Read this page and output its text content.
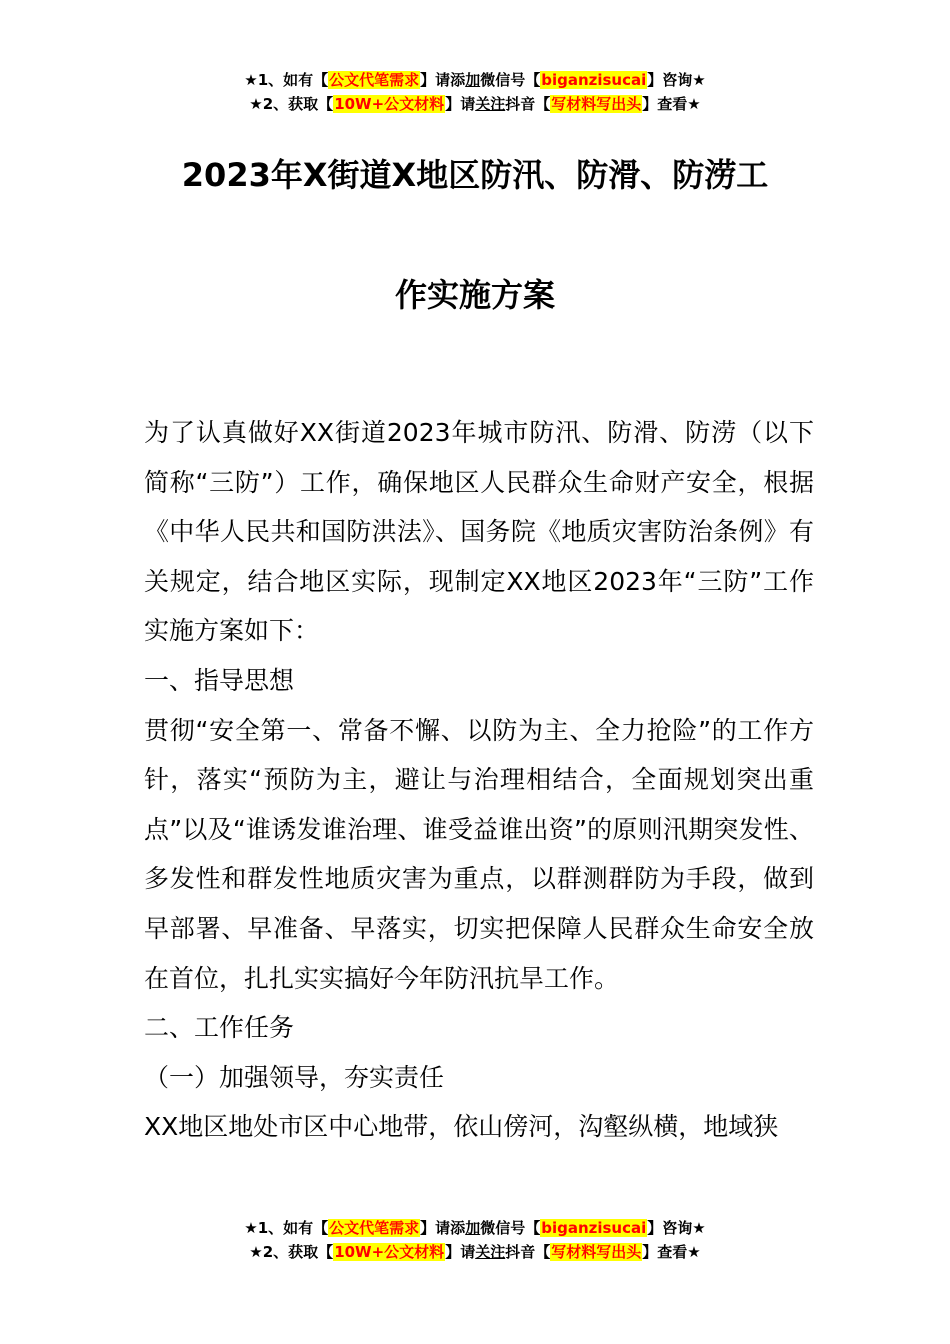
★1、如有【公文代笔需求】请添加微信号【biganzisucai】咨询★
★2、获取【10W+公文材料】请关注抖音【写材料写出头】查看★
2023年X街道X地区防汛、防滑、防涝工
作实施方案

为了认真做好XX街道2023年城市防汛、防滑、防涝（以下简称“三防”）工作，确保地区人民群众生命财产安全，根据《中华人民共和国防洪法》、国务院《地质灾害防治条例》有关规定，结合地区实际，现制定XX地区2023年“三防”工作实施方案如下：

一、指导思想

贯彻“安全第一、常备不懈、以防为主、全力抢险”的工作方针，落实“预防为主，避让与治理相结合，全面规划突出重点”以及“谁诱发谁治理、谁受益谁出资”的原则汛期突发性、多发性和群发性地质灾害为重点，以群测群防为手段，做到早部署、早准备、早落实，切实把保障人民群众生命安全放在首位，扎扎实实搞好今年防汛抗旱工作。

二、工作任务

（一）加强领导，夯实责任

XX地区地处市区中心地带，依山傍河，沟壑纵横，地域狭

★1、如有【公文代笔需求】请添加微信号【biganzisucai】咨询★
★2、获取【10W+公文材料】请关注抖音【写材料写出头】查看★
